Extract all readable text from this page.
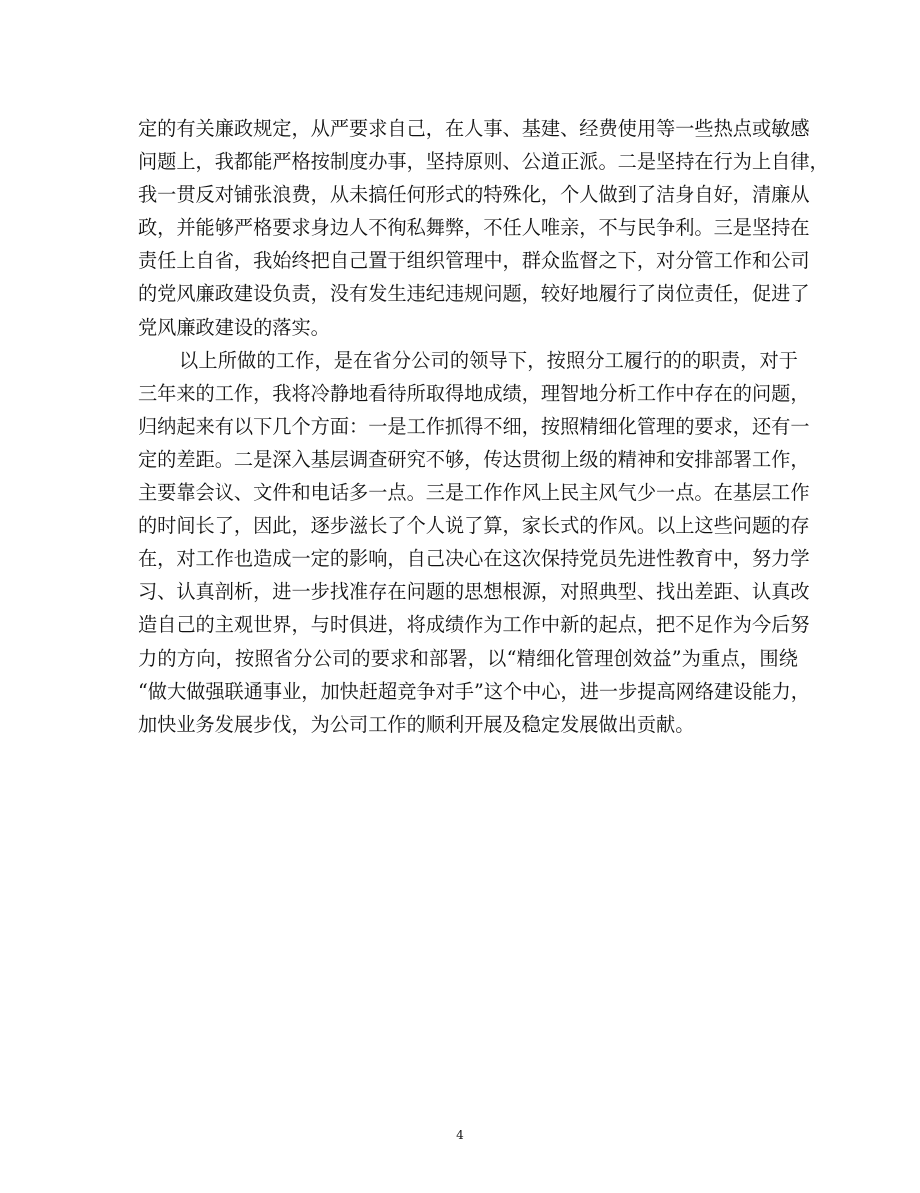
定的有关廉政规定，从严要求自己，在人事、基建、经费使用等一些热点或敏感
问题上，我都能严格按制度办事，坚持原则、公道正派。二是坚持在行为上自律，
我一贯反对铺张浪费，从未搞任何形式的特殊化，个人做到了洁身自好，清廉从
政，并能够严格要求身边人不徇私舞弊，不任人唯亲，不与民争利。三是坚持在
责任上自省，我始终把自己置于组织管理中，群众监督之下，对分管工作和公司
的党风廉政建设负责，没有发生违纪违规问题，较好地履行了岗位责任，促进了
党风廉政建设的落实。
以上所做的工作，是在省分公司的领导下，按照分工履行的的职责，对于
三年来的工作，我将冷静地看待所取得地成绩，理智地分析工作中存在的问题，
归纳起来有以下几个方面：一是工作抓得不细，按照精细化管理的要求，还有一
定的差距。二是深入基层调查研究不够，传达贯彻上级的精神和安排部署工作，
主要靠会议、文件和电话多一点。三是工作作风上民主风气少一点。在基层工作
的时间长了，因此，逐步滋长了个人说了算，家长式的作风。以上这些问题的存
在，对工作也造成一定的影响，自己决心在这次保持党员先进性教育中，努力学
习、认真剖析，进一步找准存在问题的思想根源，对照典型、找出差距、认真改
造自己的主观世界，与时俱进，将成绩作为工作中新的起点，把不足作为今后努
力的方向，按照省分公司的要求和部署，以“精细化管理创效益”为重点，围绕
“做大做强联通事业，加快赶超竞争对手”这个中心，进一步提高网络建设能力，
加快业务发展步伐，为公司工作的顺利开展及稳定发展做出贡献。
4
